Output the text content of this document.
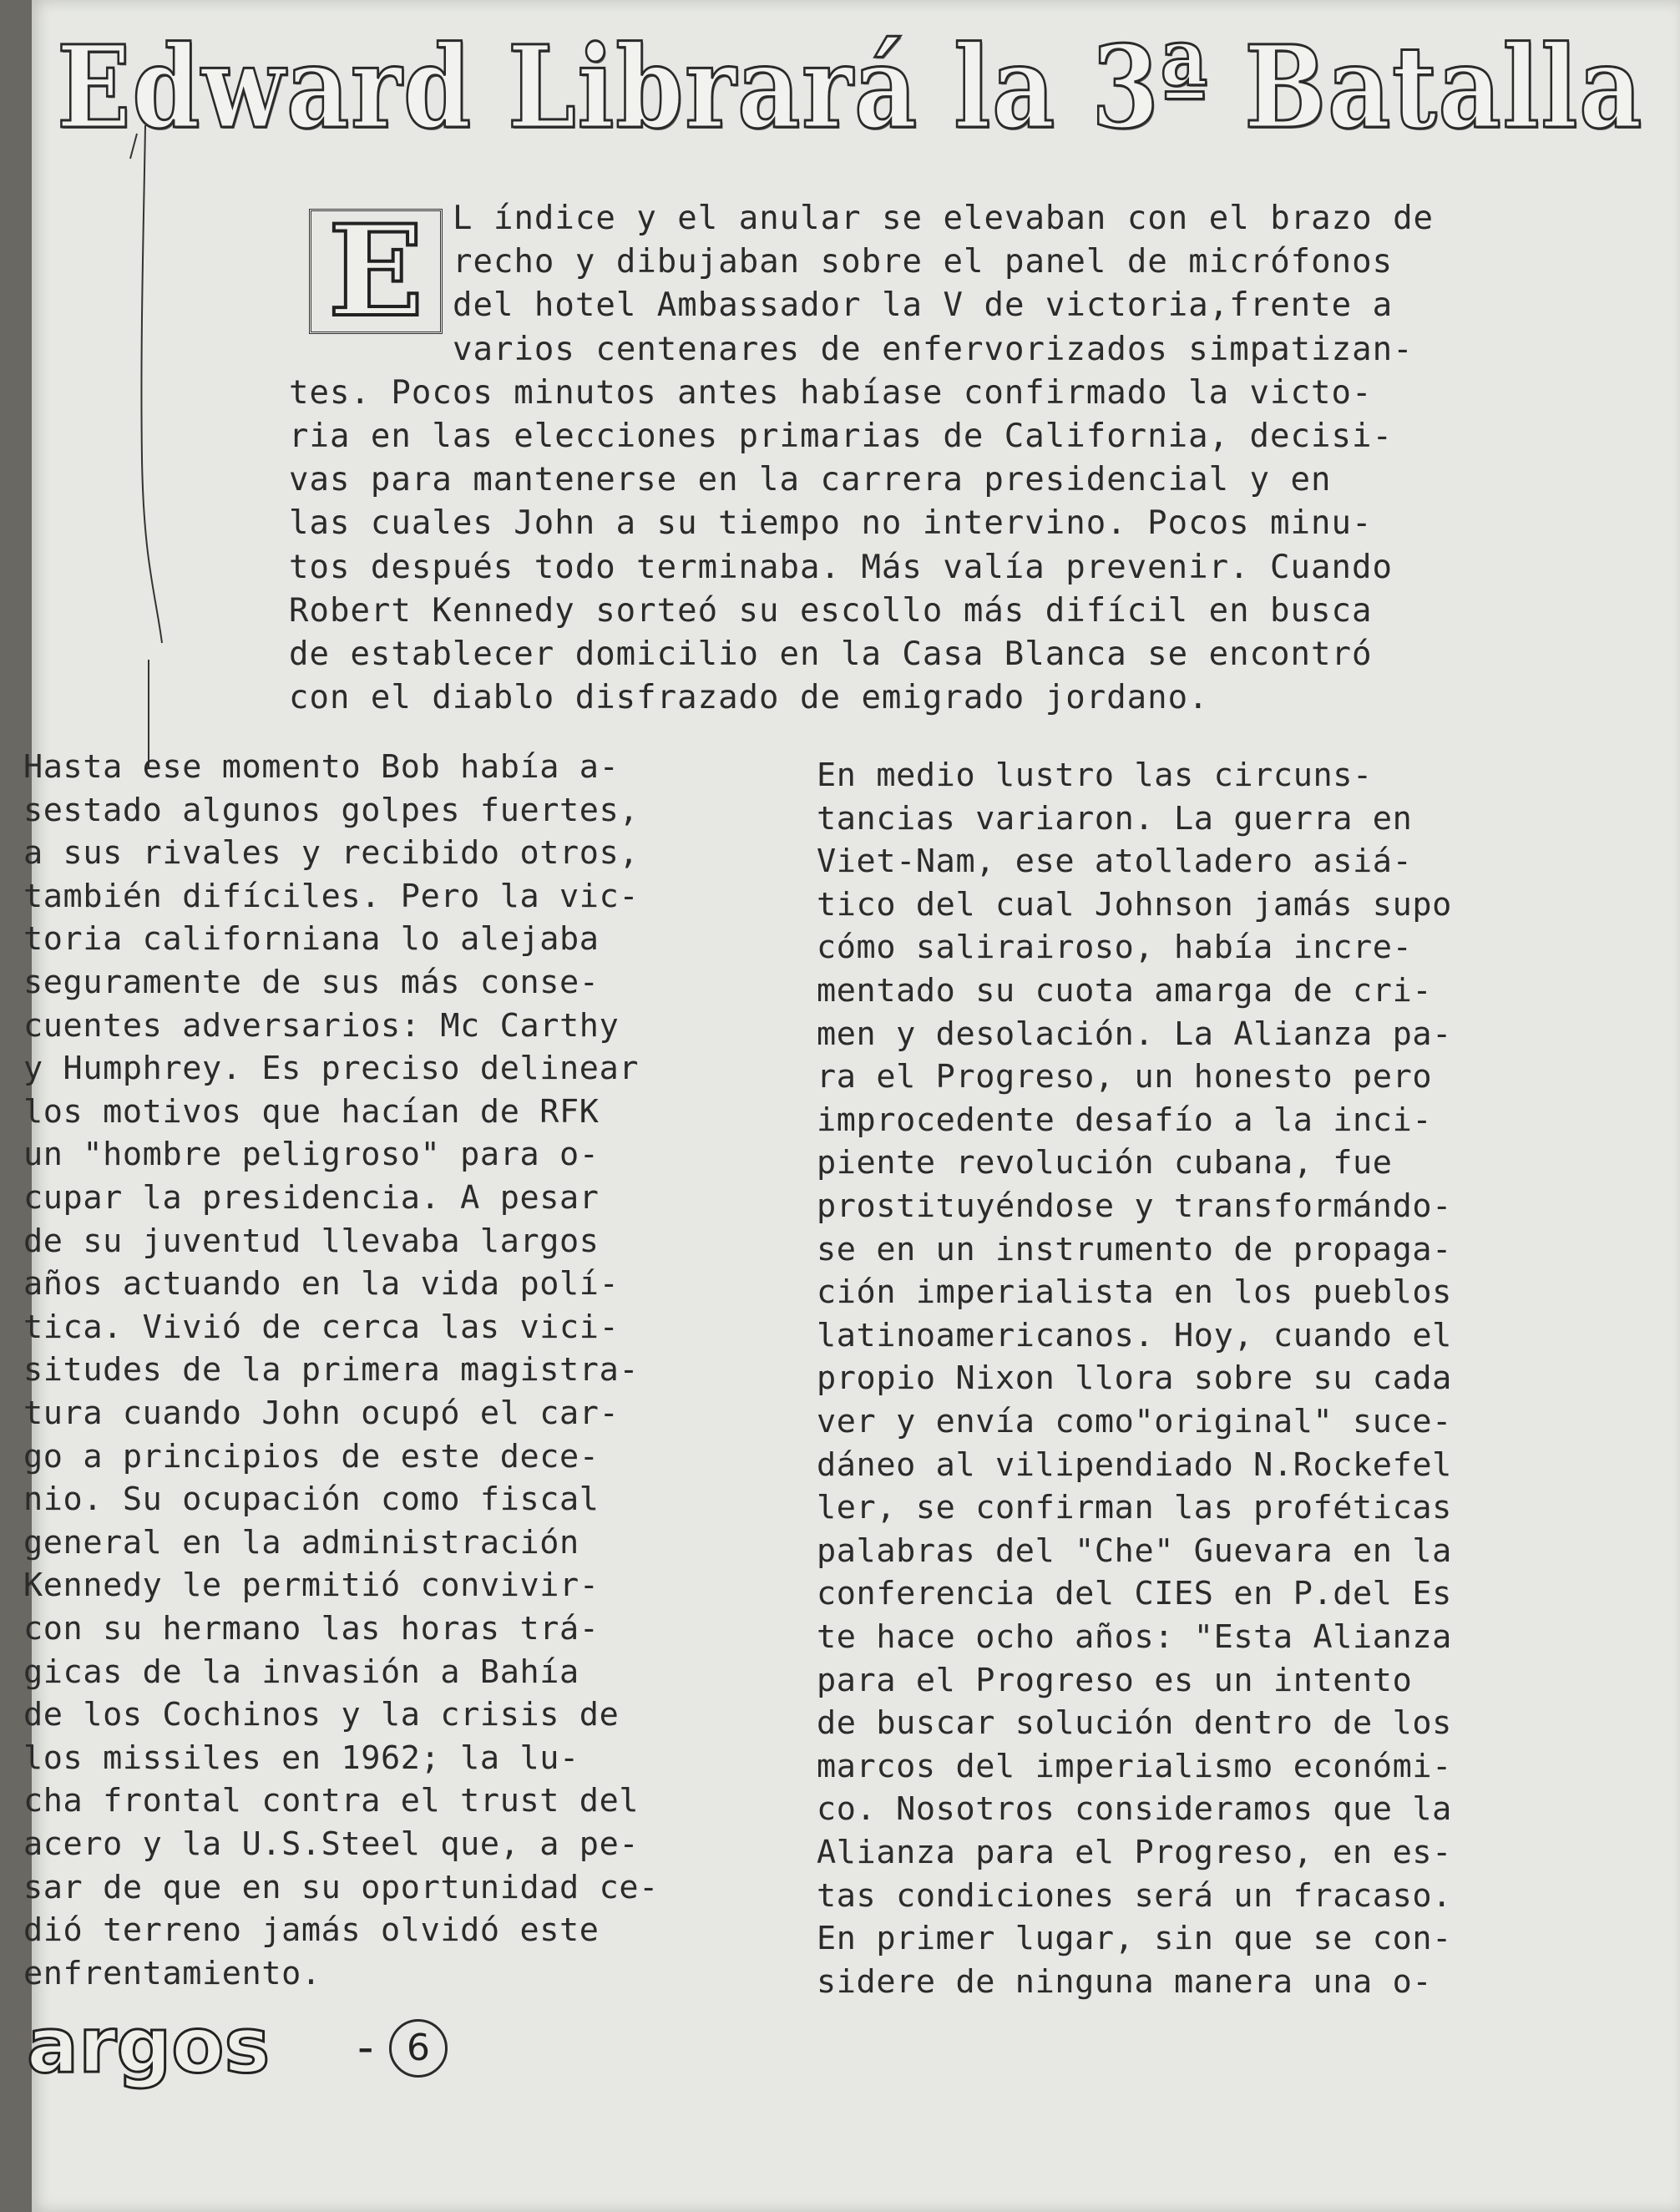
Edward Librará la 3ª Batalla
E L índice y el anular se elevaban con el brazo de
recho y dibujaban sobre el panel de micrófonos
del hotel Ambassador la V de victoria,frente a
varios centenares de enfervorizados simpatizan-
tes. Pocos minutos antes habíase confirmado la victo-
ria en las elecciones primarias de California, decisi-
vas para mantenerse en la carrera presidencial y en
las cuales John a su tiempo no intervino. Pocos minu-
tos después todo terminaba. Más valía prevenir. Cuando
Robert Kennedy sorteó su escollo más difícil en busca
de establecer domicilio en la Casa Blanca se encontró
con el diablo disfrazado de emigrado jordano.
Hasta ese momento Bob había a-
sestado algunos golpes fuertes,
a sus rivales y recibido otros,
también difíciles. Pero la vic-
toria californiana lo alejaba
seguramente de sus más conse-
cuentes adversarios: Mc Carthy
y Humphrey. Es preciso delinear
los motivos que hacían de RFK
un "hombre peligroso" para o-
cupar la presidencia. A pesar
de su juventud llevaba largos
años actuando en la vida polí-
tica. Vivió de cerca las vici-
situdes de la primera magistra-
tura cuando John ocupó el car-
go a principios de este dece-
nio. Su ocupación como fiscal
general en la administración
Kennedy le permitió convivir-
con su hermano las horas trá-
gicas de la invasión a Bahía
de los Cochinos y la crisis de
los missiles en 1962; la lu-
cha frontal contra el trust del
acero y la U.S.Steel que, a pe-
sar de que en su oportunidad ce-
dió terreno jamás olvidó este
enfrentamiento.
En medio lustro las circuns-
tancias variaron. La guerra en
Viet-Nam, ese atolladero asiá-
tico del cual Johnson jamás supo
cómo salirairoso, había incre-
mentado su cuota amarga de cri-
men y desolación. La Alianza pa-
ra el Progreso, un honesto pero
improcedente desafío a la inci-
piente revolución cubana, fue
prostituyéndose y transformándo-
se en un instrumento de propaga-
ción imperialista en los pueblos
latinoamericanos. Hoy, cuando el
propio Nixon llora sobre su cada
ver y envía como"original" suce-
dáneo al vilipendiado N.Rockefel
ler, se confirman las proféticas
palabras del "Che" Guevara en la
conferencia del CIES en P.del Es
te hace ocho años: "Esta Alianza
para el Progreso es un intento
de buscar solución dentro de los
marcos del imperialismo económi-
co. Nosotros consideramos que la
Alianza para el Progreso, en es-
tas condiciones será un fracaso.
En primer lugar, sin que se con-
sidere de ninguna manera una o-
argos - 6
